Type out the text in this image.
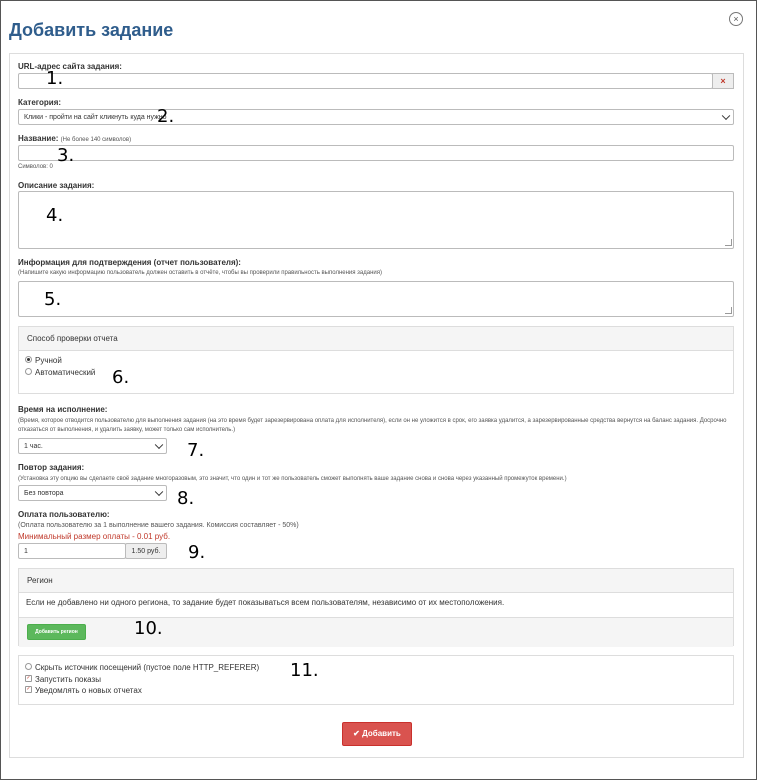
×
Добавить задание
URL-адрес сайта задания:
×
Категория:
Клики - пройти на сайт кликнуть куда нужно
Название: (Не более 140 символов)
Символов: 0
Описание задания:
Информация для подтверждения (отчет пользователя):
(Напишите какую информацию пользователь должен оставить в отчёте, чтобы вы проверили правильность выполнения задания)
Способ проверки отчета
Ручной
Автоматический
Время на исполнение:
(Время, которое отводится пользователю для выполнения задания (на это время будет зарезервирована оплата для исполнителя), если он не уложится в срок, его заявка удалится, а зарезервированные средства вернутся на баланс задания. Досрочно отказаться от выполнения, и удалить заявку, может только сам исполнитель.)
1 час.
Повтор задания:
(Установка эту опцию вы сделаете своё задание многоразовым, это значит, что один и тот же пользователь сможет выполнять ваше задание снова и снова через указанный промежуток времени.)
Без повтора
Оплата пользователю:
(Оплата пользователю за 1 выполнение вашего задания. Комиссия составляет - 50%)
Минимальный размер оплаты - 0.01 руб.
1	1.50 руб.
Регион
Если не добавлено ни одного региона, то задание будет показываться всем пользователям, независимо от их местоположения.
Добавить регион
Скрыть источник посещений (пустое поле HTTP_REFERER)
✓ Запустить показы
✓ Уведомлять о новых отчетах
✔ Добавить
1.
2.
3.
4.
5.
6.
7.
8.
9.
10.
11.
